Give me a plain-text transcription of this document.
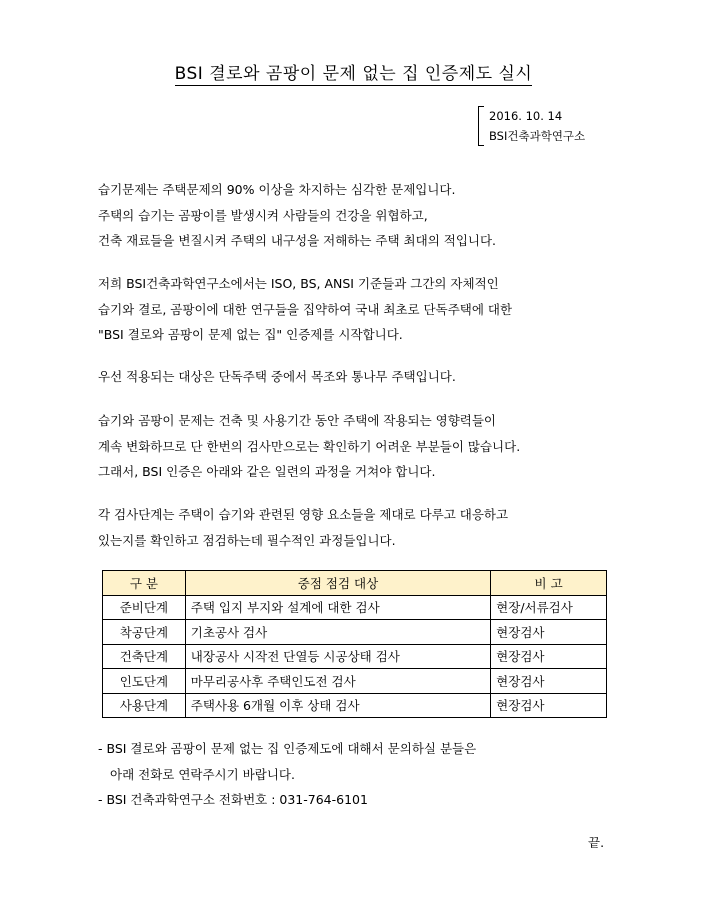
BSI 결로와 곰팡이 문제 없는 집 인증제도 실시
2016. 10. 14
BSI건축과학연구소
습기문제는 주택문제의 90% 이상을 차지하는 심각한 문제입니다.
주택의 습기는 곰팡이를 발생시켜 사람들의 건강을 위협하고,
건축 재료들을 변질시켜 주택의 내구성을 저해하는 주택 최대의 적입니다.
저희 BSI건축과학연구소에서는 ISO, BS, ANSI 기준들과 그간의 자체적인
습기와 결로, 곰팡이에 대한 연구들을 집약하여 국내 최초로 단독주택에 대한
"BSI 결로와 곰팡이 문제 없는 집" 인증제를 시작합니다.
우선 적용되는 대상은 단독주택 중에서 목조와 통나무 주택입니다.
습기와 곰팡이 문제는 건축 및 사용기간 동안 주택에 작용되는 영향력들이
계속 변화하므로 단 한번의 검사만으로는 확인하기 어려운 부분들이 많습니다.
그래서, BSI 인증은 아래와 같은 일련의 과정을 거쳐야 합니다.
각 검사단계는 주택이 습기와 관련된 영향 요소들을 제대로 다루고 대응하고
있는지를 확인하고 점검하는데 필수적인 과정들입니다.
구 분	중점 점검 대상	비 고
준비단계	주택 입지 부지와 설계에 대한 검사	현장/서류검사
착공단계	기초공사 검사	현장검사
건축단계	내장공사 시작전 단열등 시공상태 검사	현장검사
인도단계	마무리공사후 주택인도전 검사	현장검사
사용단계	주택사용 6개월 이후 상태 검사	현장검사
- BSI 결로와 곰팡이 문제 없는 집 인증제도에 대해서 문의하실 분들은
아래 전화로 연락주시기 바랍니다.
- BSI 건축과학연구소 전화번호 : 031-764-6101
끝.
